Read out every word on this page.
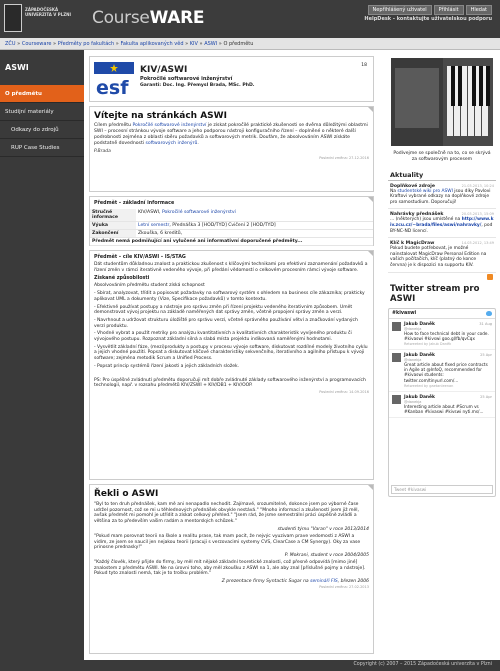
ZÁPADOČESKÁ UNIVERZITA V PLZNI	CourseWARE	Nepřihlášený uživatel	Přihlásit	Hledat
HelpDesk - kontaktujte uživatelskou podporu
ZČU » Courseware » Předměty po fakultách » Fakulta aplikovaných věd » KIV » ASWI » O předmětu
ASWI
O předmětu
Studijní materiály
Odkazy do zdrojů
RUP Case Studies
esf
KIV/ASWI
Pokročilé softwarové inženýrství
Garanti: Doc. Ing. Přemysl Brada, MSc. PhD.
18
Vítejte na stránkách ASWI
Cílem předmětu Pokročilé softwarové inženýrství je získat pokročilé praktické zkušenosti se dvěma důležitými oblastmi SWI – procesní stránkou vývoje software a jeho podporou nástroji konfiguračního řízení – doplněné o některé další podrobnosti zejména z oblasti sběru požadavků a softwarových metrik. Doufám, že absolvováním ASWI získáte podstatně dovednosti softwarových inženýrů.
P.Brada
Poslední změna: 27.12.2016
Předmět – základní informace
Stručné informace	KIV/ASWI, Pokročilé softwarové inženýrství
Výuka	Letní semestr, Přednáška 3 [HOD/TYD] Cvičení 2 [HOD/TYD]
Zakončení	Zkouška, 6 kreditů,
Předmět nemá podmiňující ani vylučené ani informativní doporučené předměty...	
Předmět – cíle KIV/ASWI – IS/STAG
Dát studentům důkladnou znalost a praktickou zkušenost s klíčovými technikami pro efektivní zaznamenání požadavků a řízení změn v rámci iterativně vedeného vývoje, při předání vědomostí o celkovém procesním rámci vývoje software.
Získané způsobilosti
Absolvováním předmětu student získá schopnost
- Sbírat, analyzovat, třídit a popisovat požadavky na softwarový systém s ohledem na business cíle zákazníka; prakticky aplikovat UML a dokumenty (Vize, Specifikace požadavků) v tomto kontextu.
- Efektivně používat postupy a nástroje pro správu změn při řízení projektu vedeného iterativním způsobem. Umět demonstrovat vývoj projektu na základě naměřených dat správy změn, včetně propojení správy změn a verzí.
- Navrhnout a udržovat strukturu úložiště pro správu verzí, včetně správného používání větví a značkování vydaných verzí produktu.
- Vhodně vybrat a použít metriky pro analýzu kvantitativních a kvalitativních charakteristik vyvíjeného produktu či vývojového postupu. Rozpoznat základní silná a slabá místa projektu indikovaná naměřenými hodnotami.
- Vysvětlit základní fáze, (mezi)produkty a postupy v procesu vývoje software, diskutovat rozdílné modely životního cyklu a jejich vhodné použití. Popsat a diskutovat klíčové charakteristiky sekvenčního, iterativního a agilního přístupu k vývoji software; zejména metodik Scrum a Unified Process.
- Popsat princip systémů řízení jakosti a jejich základních složek.
PS: Pro úspěšné zvládnutí předmětu doporučuji mít dobře zvládnuté základy softwarového inženýrství a programovacích technologií, např. v rozsahu předmětů KIV/ZSWI + KIV/DB1 + KIV/OOP.
Poslední změna: 14.09.2016
Řekli o ASWI
"Byl to ten druh přednášek, kam mě ani nenapadlo nechodit. Zajímavé, srozumitelné, dokonce jsem po výborné čase udržel pozornost, což se mi u těhlednových přednášek obvykle nestává." "Mnoho informací a zkušeností jsem již měl, avšak předmět mi pomohl je utřídit a získat celkový přehled." "Jsem rád, že jsme semestrální práci úspěšně zvládli a většina za to především vašim radám a mentorských schůzek."
studenti týmu "Varan" v roce 2013/2014
"Pokud mam porovnat teorii na škole a realitu prase, tak mam pocit, že nejvýc vyuzivam prave vedomosti z ASWI a vidím, ze jsem se naucil jen nejakou teorii (pracuji s verzovacimi systemy CVS, ClearCase a CM Synergy). Oky za vase prinosne prednasky!"
P. Mokrani, student v roce 2004/2005
"Každý člověk, který přijde do firmy, by měl mít nějaké základní teoretické znalosti, což přesně odpovídá [mimo jiné] znalostem z předmětu ASWI. Ne na úrovni toho, aby měl zkoušku z ASWI na 1, ale aby znal [příslušné pojmy a nástroje]. Pokud tyto znalosti nemá, tak je to trošku problém."
Z prezentace firmy Syntactic Sugar na semináři FIS, březen 2006
Poslední změna: 27.02.2013
Podívejme se společně na to, co se skrývá za softwarovým procesem
Aktuality
Doplňkové zdroje	21.03.2013, 10:24
Na studentské wiki pro ASWI jsou díky Pavlovi Kraftovi vybrané odkazy na doplňkové zdroje pro samostudium. Doporučuji!
Nahrávky přednášek	20.03.2013, 15:09
... (některých) jsou umístěné na http://www.kiv.zcu.cz/~brada/files/aswi/nahravky/, pod BY-NC-ND licencí.
Klíč k MagicDraw	14.03.2012, 13:49
Pokud budete potřebovat, je možné nainstalovat MagicDraw Personal Edition na vašich počítačích, klíč (platný do konce června) je k dispozici na supportu KIV.
Twitter stream pro ASWI
#kivaswi
Jakub Daněk	31 Aug
@danekja
How to face technical debt in your code. #kivaswi #kivswi goo.gl/fb/qvCqx
Retweeted by Jakub Daněk
Jakub Daněk	25 Apr
@danekja
Great article about fixed price contracts in Agile at @InfoQ, recommended for #kivaswi students: twitter.com/tinyurl.com/...
Retweeted by gaetanleenan
Jakub Daněk	25 Apr
@danekja
Interesting article about #Scrum vs #Kanban #kivaswi #kivswi nyti.ms/...
Tweet #kivaswi
Copyright (c) 2007 – 2015 Západočeská univerzita v Plzni
